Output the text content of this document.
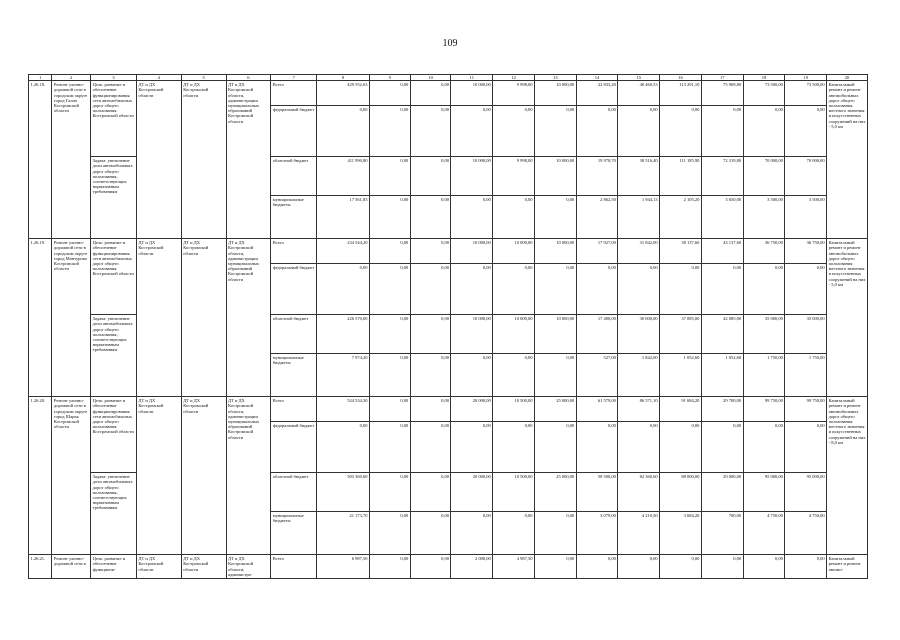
109
1	2	3	4	5	6	7	8	9	10	11	12	13	14	15	16	17	18	19	20
1.26.18.	Ремонт улично-дорожной сети в городском округе город Галич Костромской области	Цель: развитие и обеспечение функционирования сети автомобильных дорог общего пользования Костромской области	ДТ и ДХ Костромской области	ДТ и ДХ Костромской области	ДТ и ДХ Костромской области, администрации муниципальных образований Костромской области	Всего	429 552,63	0,00	0,00	10 000,00	9 998,00	10 000,00	22 833,20	40 460,53	113 291,10	75 969,80	73 500,00	73 500,00	Капитальный ремонт и ремонт автомобильных дорог общего пользования местного значения и искусственных сооружений на них - 5,0 км
						федеральный бюджет	0,00	0,00	0,00	0,00	0,00	0,00	0,00	0,00	0,00	0,00	0,00	0,00	
		Задача: увеличение доли автомобильных дорог общего пользования, соответствующих нормативным требованиям				областной бюджет	411 990,80	0,00	0,00	10 000,00	9 998,00	10 000,00	19 970,70	38 516,40	111 185,90	72 319,80	70 000,00	70 000,00	
						муниципальные бюджеты	17 561,83	0,00	0,00	0,00	0,00	0,00	2 862,50	1 944,13	2 105,20	3 650,00	3 500,00	3 500,00	
1.26.19.	Ремонт улично-дорожной сети в городском округе город Мантурово Костромской области	Цель: развитие и обеспечение функционирования сети автомобильных дорог общего пользования Костромской области	ДТ и ДХ Костромской области	ДТ и ДХ Костромской области	ДТ и ДХ Костромской области, администрации муниципальных образований Костромской области	Всего	234 544,20	0,00	0,00	10 000,00	10 000,00	10 000,00	17 927,00	31 842,00	38 137,60	43 137,60	36 750,00	36 750,00	Капитальный ремонт и ремонт автомобильных дорог общего пользования местного значения и искусственных сооружений на них - 5,0 км
						федеральный бюджет	0,00	0,00	0,00	0,00	0,00	0,00	0,00	0,00	0,00	0,00	0,00	0,00	
		Задача: увеличение доли автомобильных дорог общего пользования, соответствующих нормативным требованиям				областной бюджет	226 570,00	0,00	0,00	10 000,00	10 000,00	10 000,00	17 400,00	30 000,00	37 085,00	42 085,00	35 000,00	35 000,00	
						муниципальные бюджеты	7 974,20	0,00	0,00	0,00	0,00	0,00	527,00	1 842,00	1 052,60	1 052,60	1 750,00	1 750,00	
1.26.20.	Ремонт улично-дорожной сети в городском округе город Шарья Костромской области	Цель: развитие и обеспечение функционирования сети автомобильных дорог общего пользования Костромской области	ДТ и ДХ Костромской области	ДТ и ДХ Костромской области	ДТ и ДХ Костромской области, администрации муниципальных образований Костромской области	Всего	524 534,30	0,00	0,00	20 000,00	10 500,00	25 000,00	61 579,00	86 571,10	91 684,20	29 700,00	99 750,00	99 750,00	Капитальный ремонт и ремонт автомобильных дорог общего пользования местного значения и искусственных сооружений на них - 8,0 км
						федеральный бюджет	0,00	0,00	0,00	0,00	0,00	0,00	0,00	0,00	0,00	0,00	0,00	0,00	
		Задача: увеличение доли автомобильных дорог общего пользования, соответствующих нормативным требованиям				областной бюджет	503 360,60	0,00	0,00	20 000,00	10 500,00	25 000,00	58 500,00	82 360,60	88 000,00	29 000,00	95 000,00	95 000,00	
						муниципальные бюджеты	21 173,70	0,00	0,00	0,00	0,00	0,00	3 079,00	4 210,50	3 684,20	700,00	4 750,00	4 750,00	
1.26.21.	Ремонт улично-дорожной сети в	Цель: развитие и обеспечение функциони-	ДТ и ДХ Костромской области	ДТ и ДХ Костромской области	ДТ и ДХ Костромской области, администра-	Всего	6 987,50	0,00	0,00	2 000,00	4 987,50	0,00	0,00	0,00	0,00	0,00	0,00	0,00	Капитальный ремонт и ремонт автомо-
